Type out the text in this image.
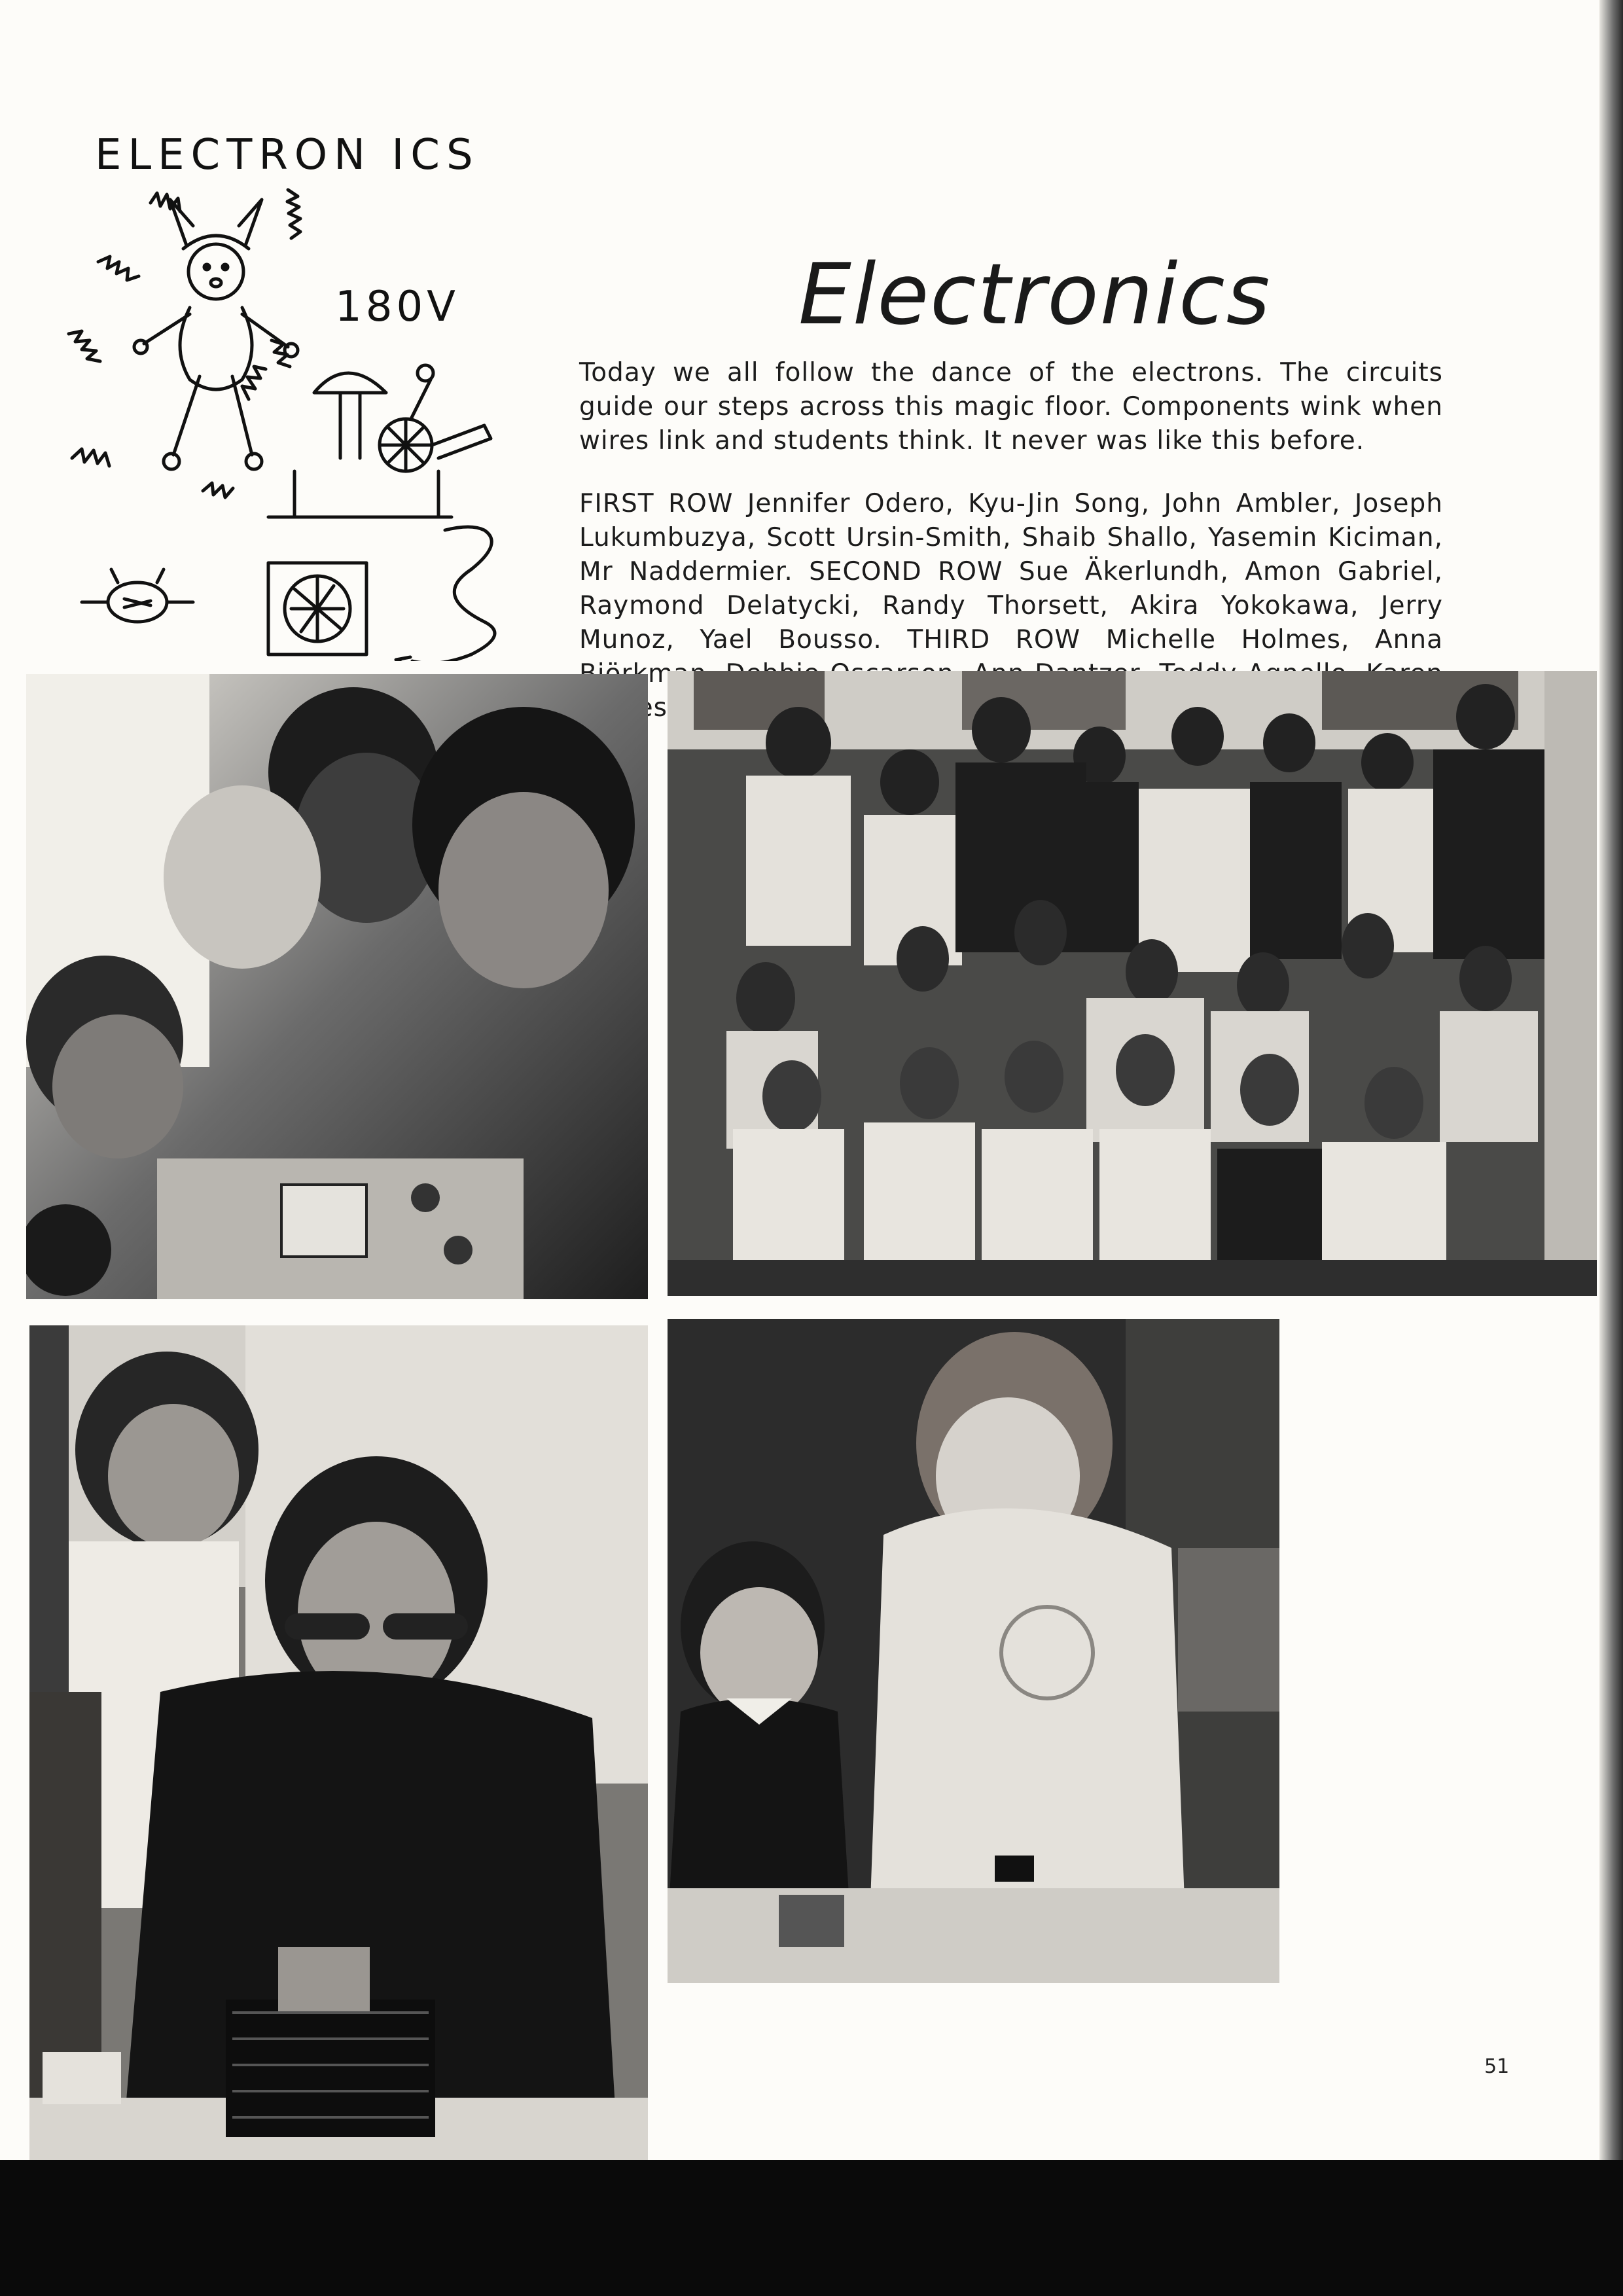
ELECTRON ICS
180V	Electronics

Today we all follow the dance of the electrons. The circuits guide our steps across this magic floor. Components wink when wires link and students think. It never was like this before.

FIRST ROW Jennifer Odero, Kyu-Jin Song, John Ambler, Joseph Lukumbuzya, Scott Ursin-Smith, Shaib Shallo, Yasemin Kiciman, Mr Naddermier. SECOND ROW Sue Äkerlundh, Amon Gabriel, Raymond Delatycki, Randy Thorsett, Akira Yokokawa, Jerry Munoz, Yael Bousso. THIRD ROW Michelle Holmes, Anna

51
